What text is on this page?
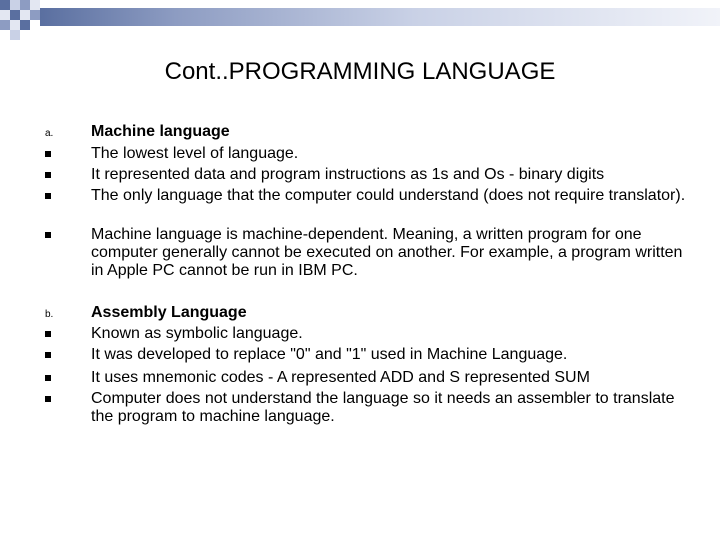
Cont..PROGRAMMING LANGUAGE
a. Machine language
The lowest level of language.
It represented data and program instructions as 1s and Os ‑ binary digits
The only language that the computer could understand (does not require translator).
Machine language is machine-dependent. Meaning, a written program for one computer generally cannot be executed on another. For example, a program written in Apple PC cannot be run in IBM PC.
b. Assembly Language
Known as symbolic language.
It was developed to replace "0" and "1" used in Machine Language.
It uses mnemonic codes - A represented ADD and S represented SUM
Computer does not understand the language so it needs an assembler to translate the program to machine language.
